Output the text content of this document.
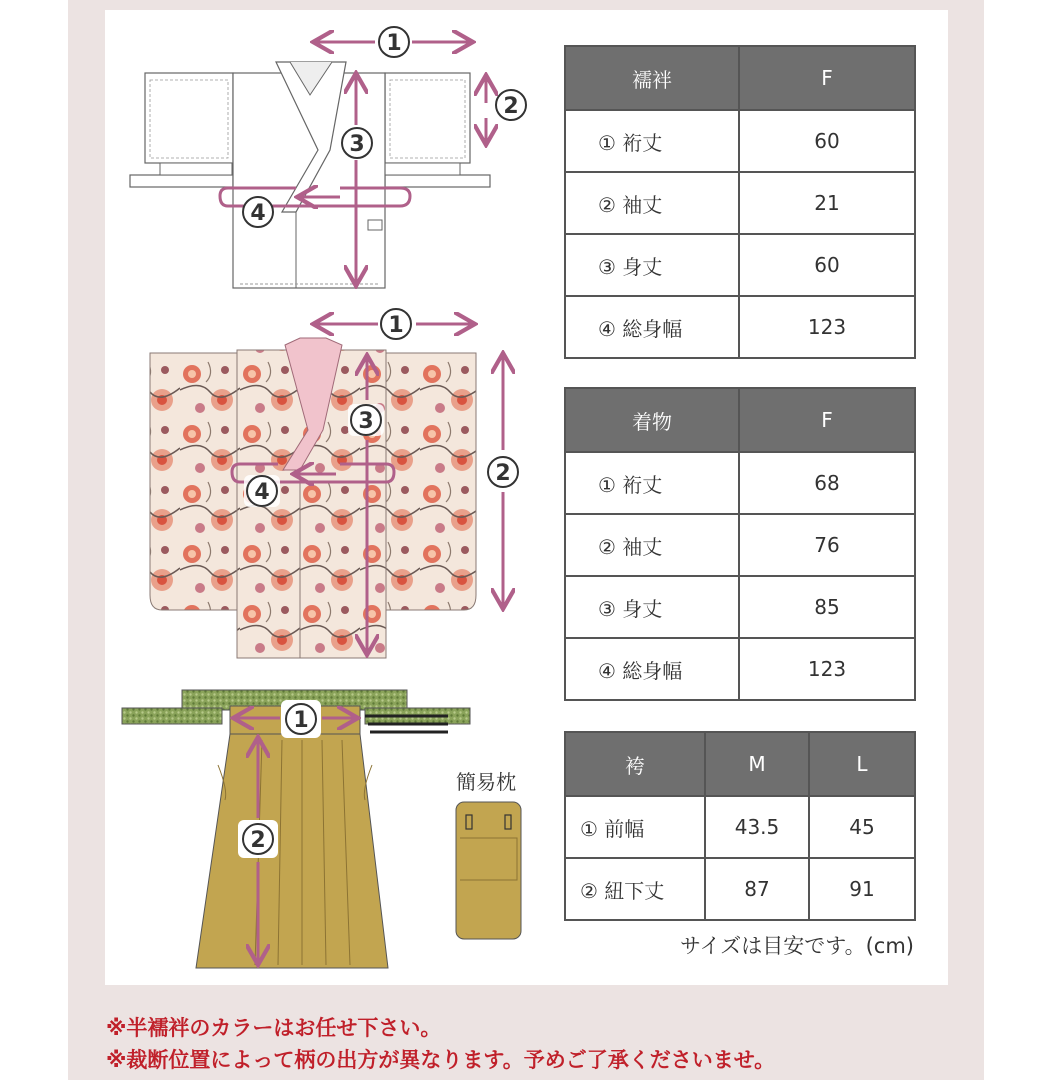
1
2
3
4
1
2
3
4
1
2
簡易枕
襦袢	F
① 裄丈	60
② 袖丈	21
③ 身丈	60
④ 総身幅	123
着物	F
① 裄丈	68
② 袖丈	76
③ 身丈	85
④ 総身幅	123
袴	M	L
① 前幅	43.5	45
② 紐下丈	87	91
サイズは目安です。(cm)
※半襦袢のカラーはお任せ下さい。
※裁断位置によって柄の出方が異なります。予めご了承くださいませ。
